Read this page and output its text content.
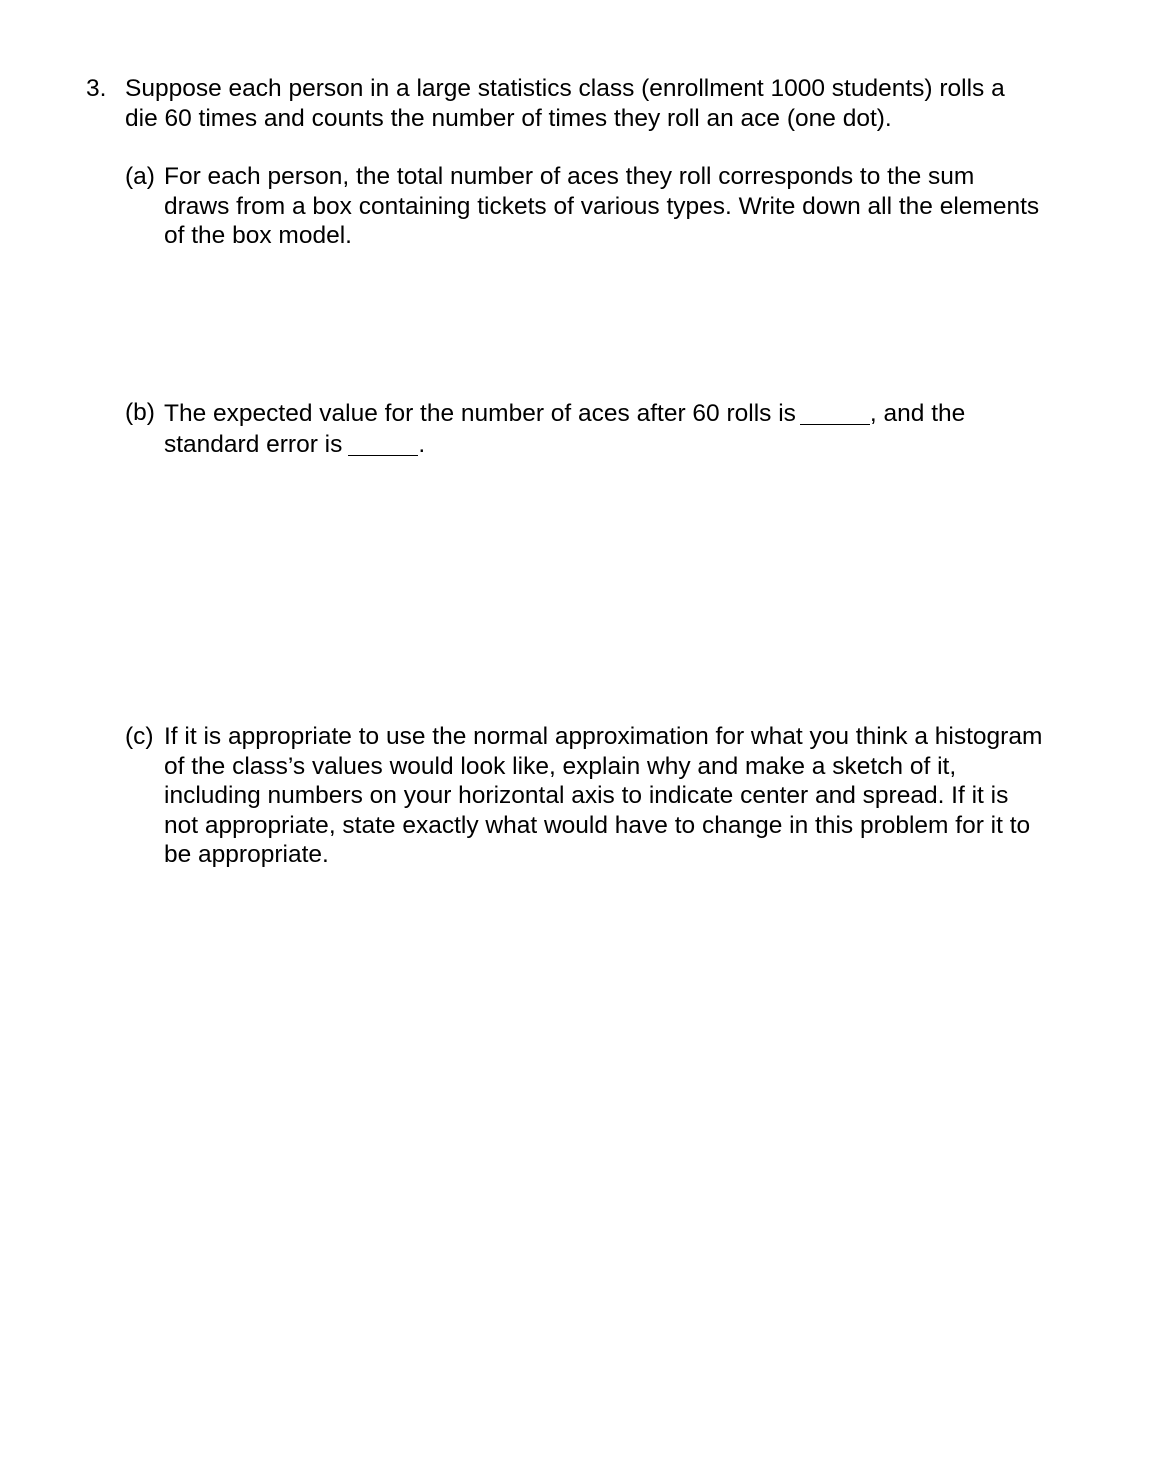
3. Suppose each person in a large statistics class (enrollment 1000 students) rolls a
die 60 times and counts the number of times they roll an ace (one dot).
(a) For each person, the total number of aces they roll corresponds to the sum
draws from a box containing tickets of various types. Write down all the elements
of the box model.
(b) The expected value for the number of aces after 60 rolls is	, and the
standard error is	.
(c) If it is appropriate to use the normal approximation for what you think a histogram
of the class’s values would look like, explain why and make a sketch of it,
including numbers on your horizontal axis to indicate center and spread. If it is
not appropriate, state exactly what would have to change in this problem for it to
be appropriate.
